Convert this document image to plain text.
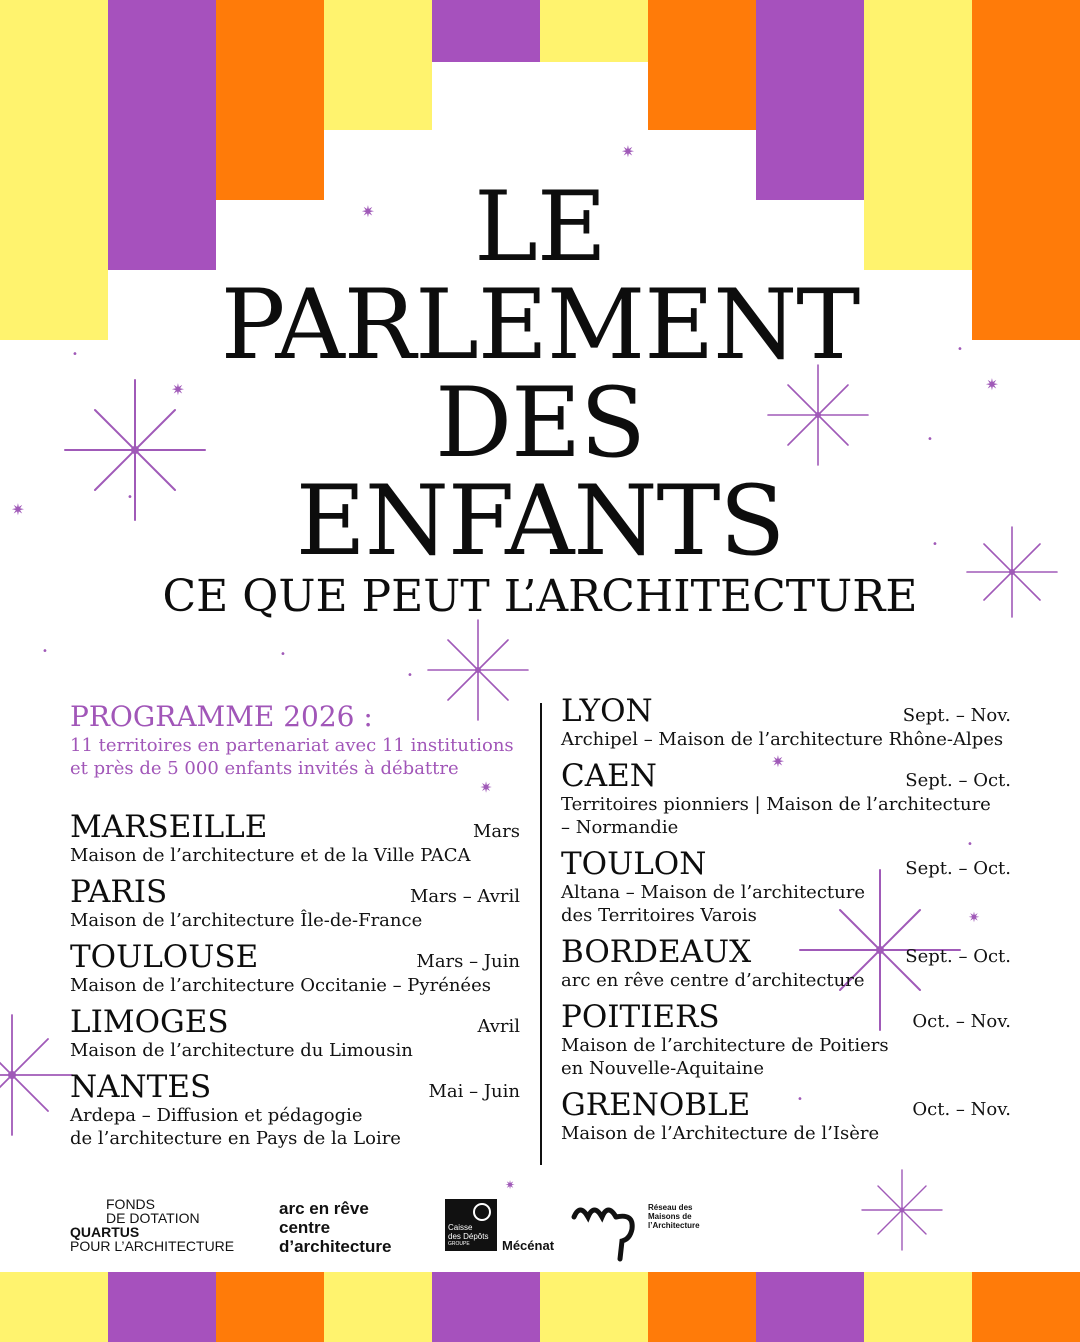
✷
✷
✷	✷
✷
✷
✷
✷
✷
•
•
•
•
•
•	•
•
•
•
LE
PARLEMENT
DES
ENFANTS
CE QUE PEUT L’ARCHITECTURE
PROGRAMME 2026 :
11 territoires en partenariat avec 11 institutions
et près de 5 000 enfants invités à débattre
MARSEILLE	Mars
Maison de l’architecture et de la Ville PACA
PARIS	Mars – Avril
Maison de l’architecture Île-de-France
TOULOUSE	Mars – Juin
Maison de l’architecture Occitanie – Pyrénées
LIMOGES	Avril
Maison de l’architecture du Limousin
NANTES	Mai – Juin
Ardepa – Diffusion et pédagogie
de l’architecture en Pays de la Loire
LYON	Sept. – Nov.
Archipel – Maison de l’architecture Rhône-Alpes
CAEN	Sept. – Oct.
Territoires pionniers | Maison de l’architecture
– Normandie
TOULON	Sept. – Oct.
Altana – Maison de l’architecture
des Territoires Varois
BORDEAUX	Sept. – Oct.
arc en rêve centre d’architecture
POITIERS	Oct. – Nov.
Maison de l’architecture de Poitiers
en Nouvelle-Aquitaine
GRENOBLE	Oct. – Nov.
Maison de l’Architecture de l’Isère
FONDS
DE DOTATION
QUARTUS
POUR L’ARCHITECTURE
arc en rêve
centre
d’architecture
Caisse
des Dépôts
GROUPE	Mécénat
Réseau des
Maisons de
l’Architecture
